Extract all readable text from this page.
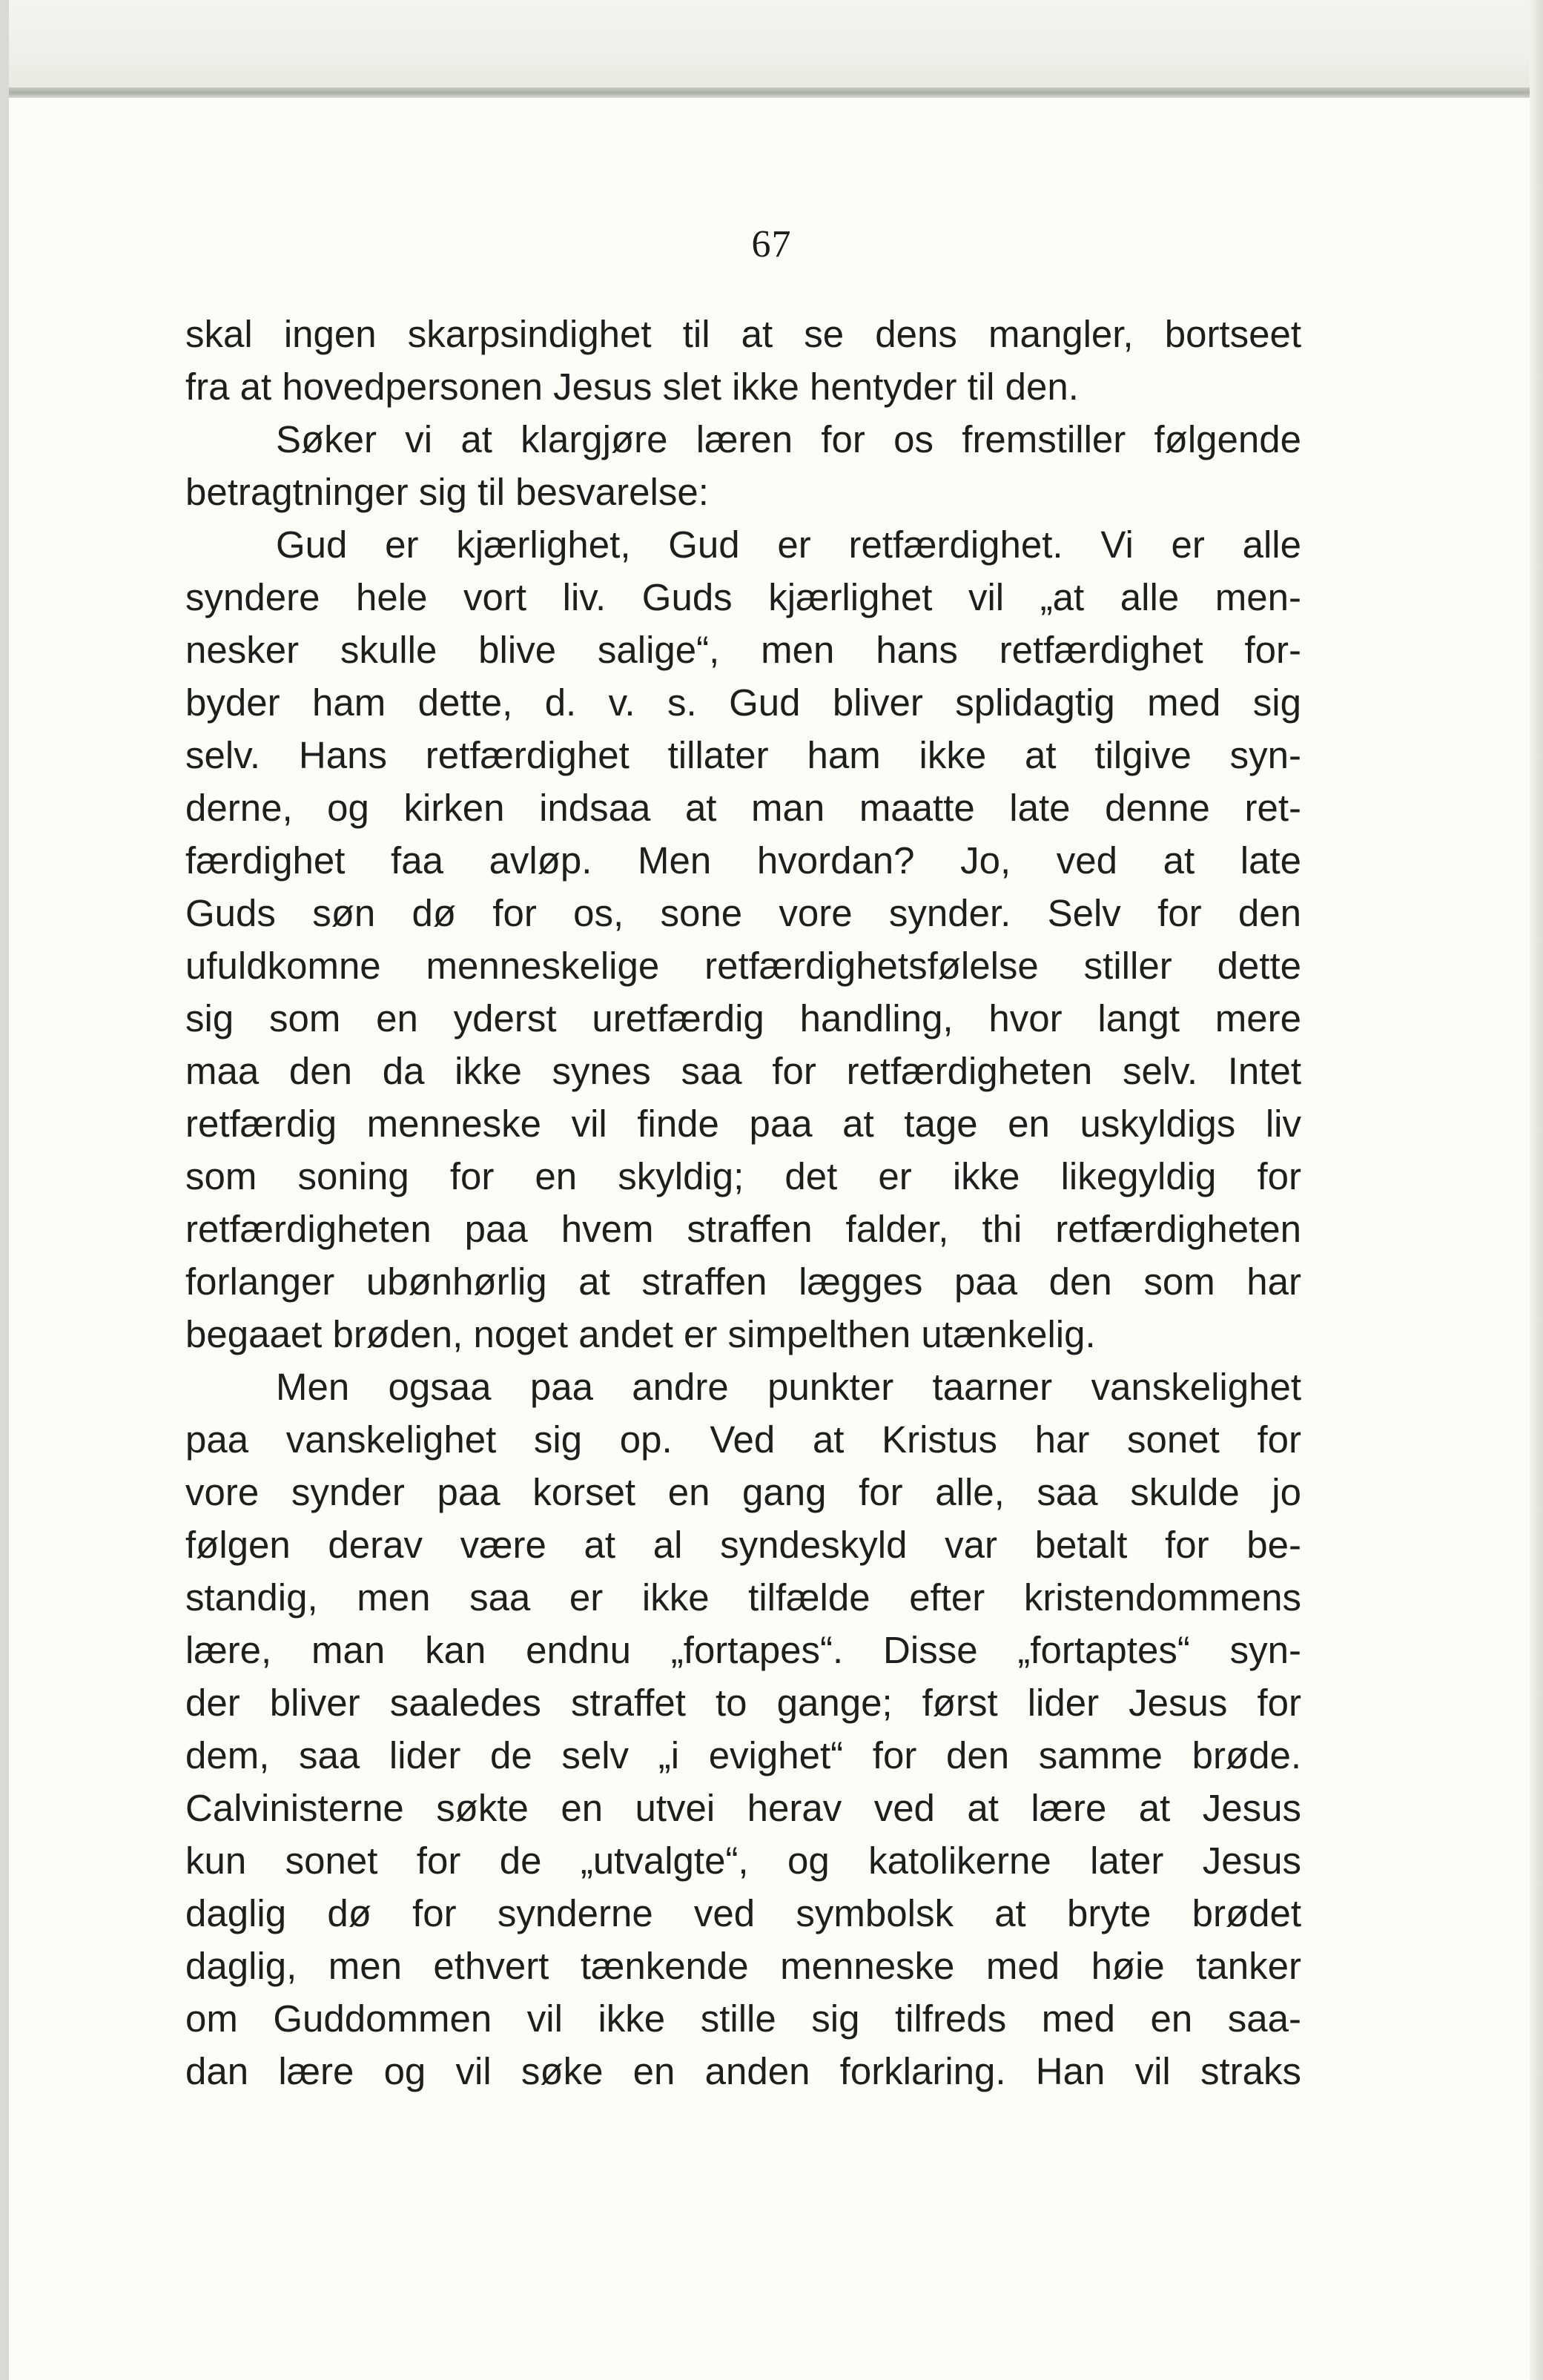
67
skal ingen skarpsindighet til at se dens mangler, bortseet
fra at hovedpersonen Jesus slet ikke hentyder til den.
Søker vi at klargjøre læren for os fremstiller følgende
betragtninger sig til besvarelse:
Gud er kjærlighet, Gud er retfærdighet. Vi er alle
syndere hele vort liv. Guds kjærlighet vil „at alle men-
nesker skulle blive salige“, men hans retfærdighet for-
byder ham dette, d. v. s. Gud bliver splidagtig med sig
selv. Hans retfærdighet tillater ham ikke at tilgive syn-
derne, og kirken indsaa at man maatte late denne ret-
færdighet faa avløp. Men hvordan? Jo, ved at late
Guds søn dø for os, sone vore synder. Selv for den
ufuldkomne menneskelige retfærdighetsfølelse stiller dette
sig som en yderst uretfærdig handling, hvor langt mere
maa den da ikke synes saa for retfærdigheten selv. Intet
retfærdig menneske vil finde paa at tage en uskyldigs liv
som soning for en skyldig; det er ikke likegyldig for
retfærdigheten paa hvem straffen falder, thi retfærdigheten
forlanger ubønhørlig at straffen lægges paa den som har
begaaet brøden, noget andet er simpelthen utænkelig.
Men ogsaa paa andre punkter taarner vanskelighet
paa vanskelighet sig op. Ved at Kristus har sonet for
vore synder paa korset en gang for alle, saa skulde jo
følgen derav være at al syndeskyld var betalt for be-
standig, men saa er ikke tilfælde efter kristendommens
lære, man kan endnu „fortapes“. Disse „fortaptes“ syn-
der bliver saaledes straffet to gange; først lider Jesus for
dem, saa lider de selv „i evighet“ for den samme brøde.
Calvinisterne søkte en utvei herav ved at lære at Jesus
kun sonet for de „utvalgte“, og katolikerne later Jesus
daglig dø for synderne ved symbolsk at bryte brødet
daglig, men ethvert tænkende menneske med høie tanker
om Guddommen vil ikke stille sig tilfreds med en saa-
dan lære og vil søke en anden forklaring. Han vil straks
